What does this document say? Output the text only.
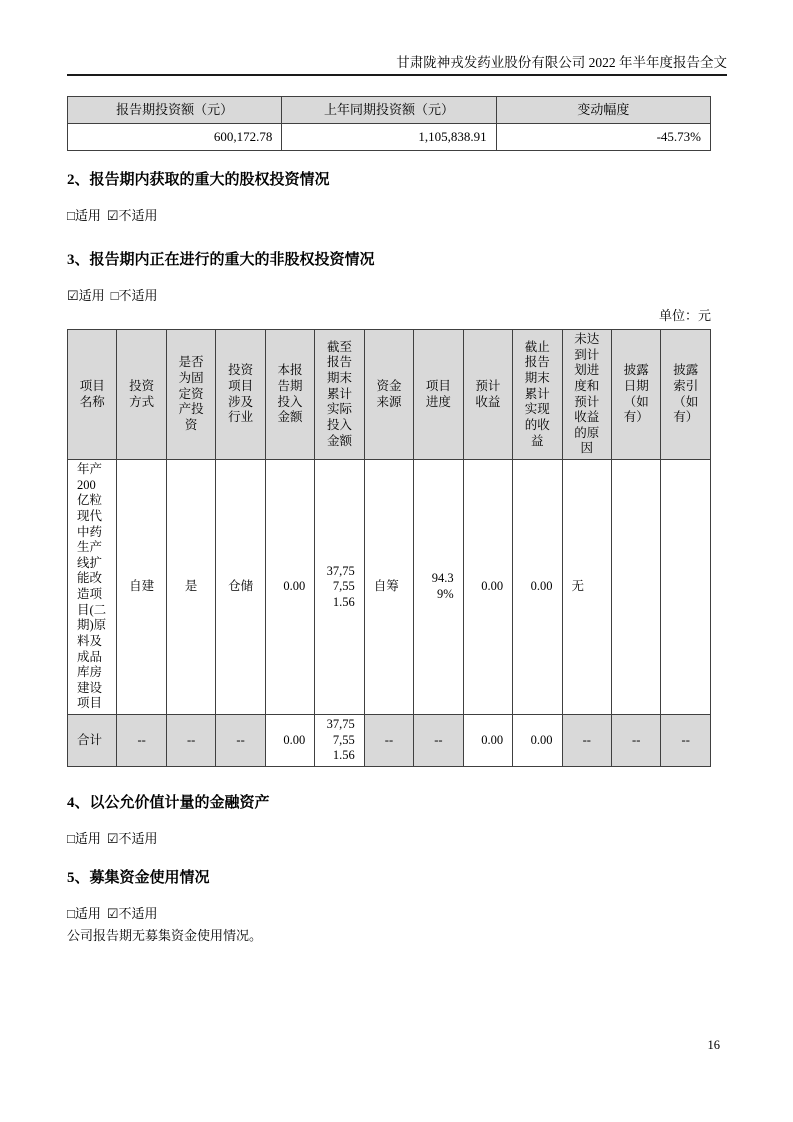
甘肃陇神戎发药业股份有限公司 2022 年半年度报告全文
报告期投资额（元）	上年同期投资额（元）	变动幅度
600,172.78	1,105,838.91	-45.73%
2、报告期内获取的重大的股权投资情况
□适用 ☑不适用
3、报告期内正在进行的重大的非股权投资情况
☑适用 □不适用
单位：元
项目名称	投资方式	是否为固定资产投资	投资项目涉及行业	本报告期投入金额	截至报告期末累计实际投入金额	资金来源	项目进度	预计收益	截止报告期末累计实现的收益	未达到计划进度和预计收益的原因	披露日期（如有）	披露索引（如有）
年产200亿粒现代中药生产线扩能改造项目(二期)原料及成品库房建设项目	自建	是	仓储	0.00	37,757,551.56	自筹	94.39%	0.00	0.00	无		
合计	--	--	--	0.00	37,757,551.56	--	--	0.00	0.00	--	--	--
4、以公允价值计量的金融资产
□适用 ☑不适用
5、募集资金使用情况
□适用 ☑不适用
公司报告期无募集资金使用情况。
16
